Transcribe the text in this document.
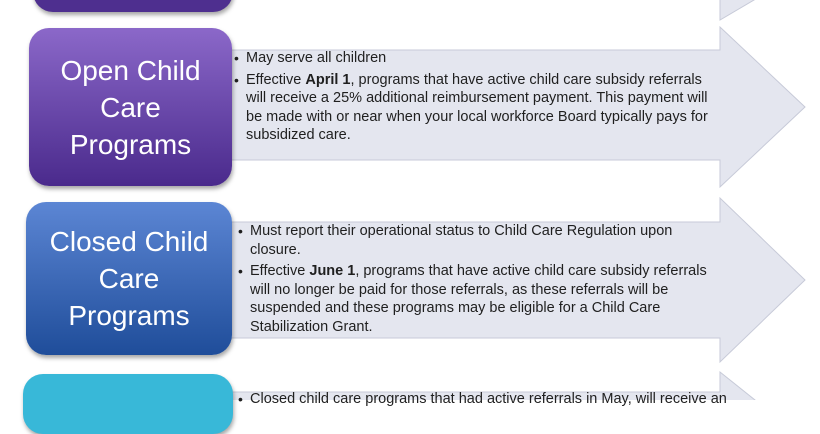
Open Child
Care
Programs
• May serve all children
• Effective April 1, programs that have active child care subsidy referrals will receive a 25% additional reimbursement payment. This payment will be made with or near when your local workforce Board typically pays for subsidized care.
Closed Child
Care
Programs
• Must report their operational status to Child Care Regulation upon closure.
• Effective June 1, programs that have active child care subsidy referrals will no longer be paid for those referrals, as these referrals will be suspended and these programs may be eligible for a Child Care Stabilization Grant.
• Closed child care programs that had active referrals in May, will receive an
